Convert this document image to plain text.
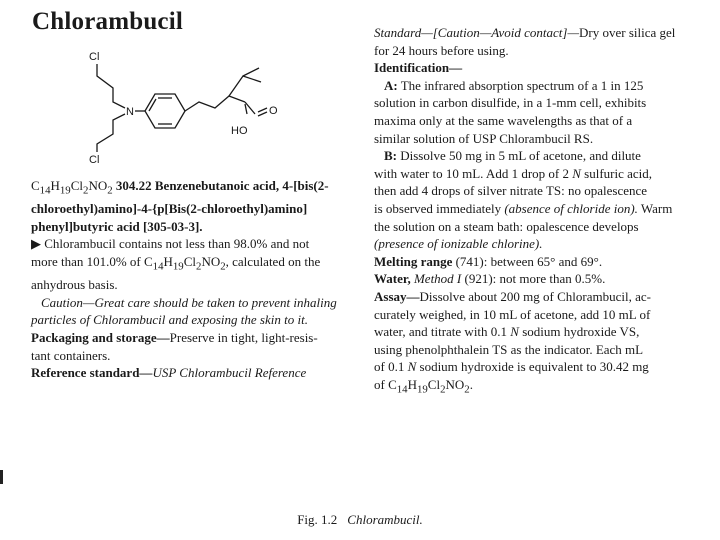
Chlorambucil
Cl
N
Cl
HO
O

$C_{14}H_{19}Cl_2NO_2$ 304.22 Benzenebutanoic acid, 4-[bis(2-

chloroethyl)amino]-4-{p[Bis(2-chloroethyl)amino]

phenyl]butyric acid [305-03-3].

▶ Chlorambucil contains not less than 98.0% and not

more than 101.0% of $C_{14}H_{19}Cl_2NO_2$, calculated on the

anhydrous basis.

Caution—Great care should be taken to prevent inhaling

particles of Chlorambucil and exposing the skin to it.

Packaging and storage—Preserve in tight, light-resis-

tant containers.

Reference standard—USP Chlorambucil Reference

Standard—[Caution—Avoid contact]—Dry over silica gel

for 24 hours before using.

Identification—

A: The infrared absorption spectrum of a 1 in 125

solution in carbon disulfide, in a 1-mm cell, exhibits

maxima only at the same wavelengths as that of a

similar solution of USP Chlorambucil RS.

B: Dissolve 50 mg in 5 mL of acetone, and dilute

with water to 10 mL. Add 1 drop of 2 N sulfuric acid,

then add 4 drops of silver nitrate TS: no opalescence

is observed immediately (absence of chloride ion). Warm

the solution on a steam bath: opalescence develops

(presence of ionizable chlorine).

Melting range (741): between 65° and 69°.

Water, Method I (921): not more than 0.5%.

Assay—Dissolve about 200 mg of Chlorambucil, ac-

curately weighed, in 10 mL of acetone, add 10 mL of

water, and titrate with 0.1 N sodium hydroxide VS,

using phenolphthalein TS as the indicator. Each mL

of 0.1 N sodium hydroxide is equivalent to 30.42 mg

of $C_{14}H_{19}Cl_2NO_2$.

Fig. 1.2 Chlorambucil.
